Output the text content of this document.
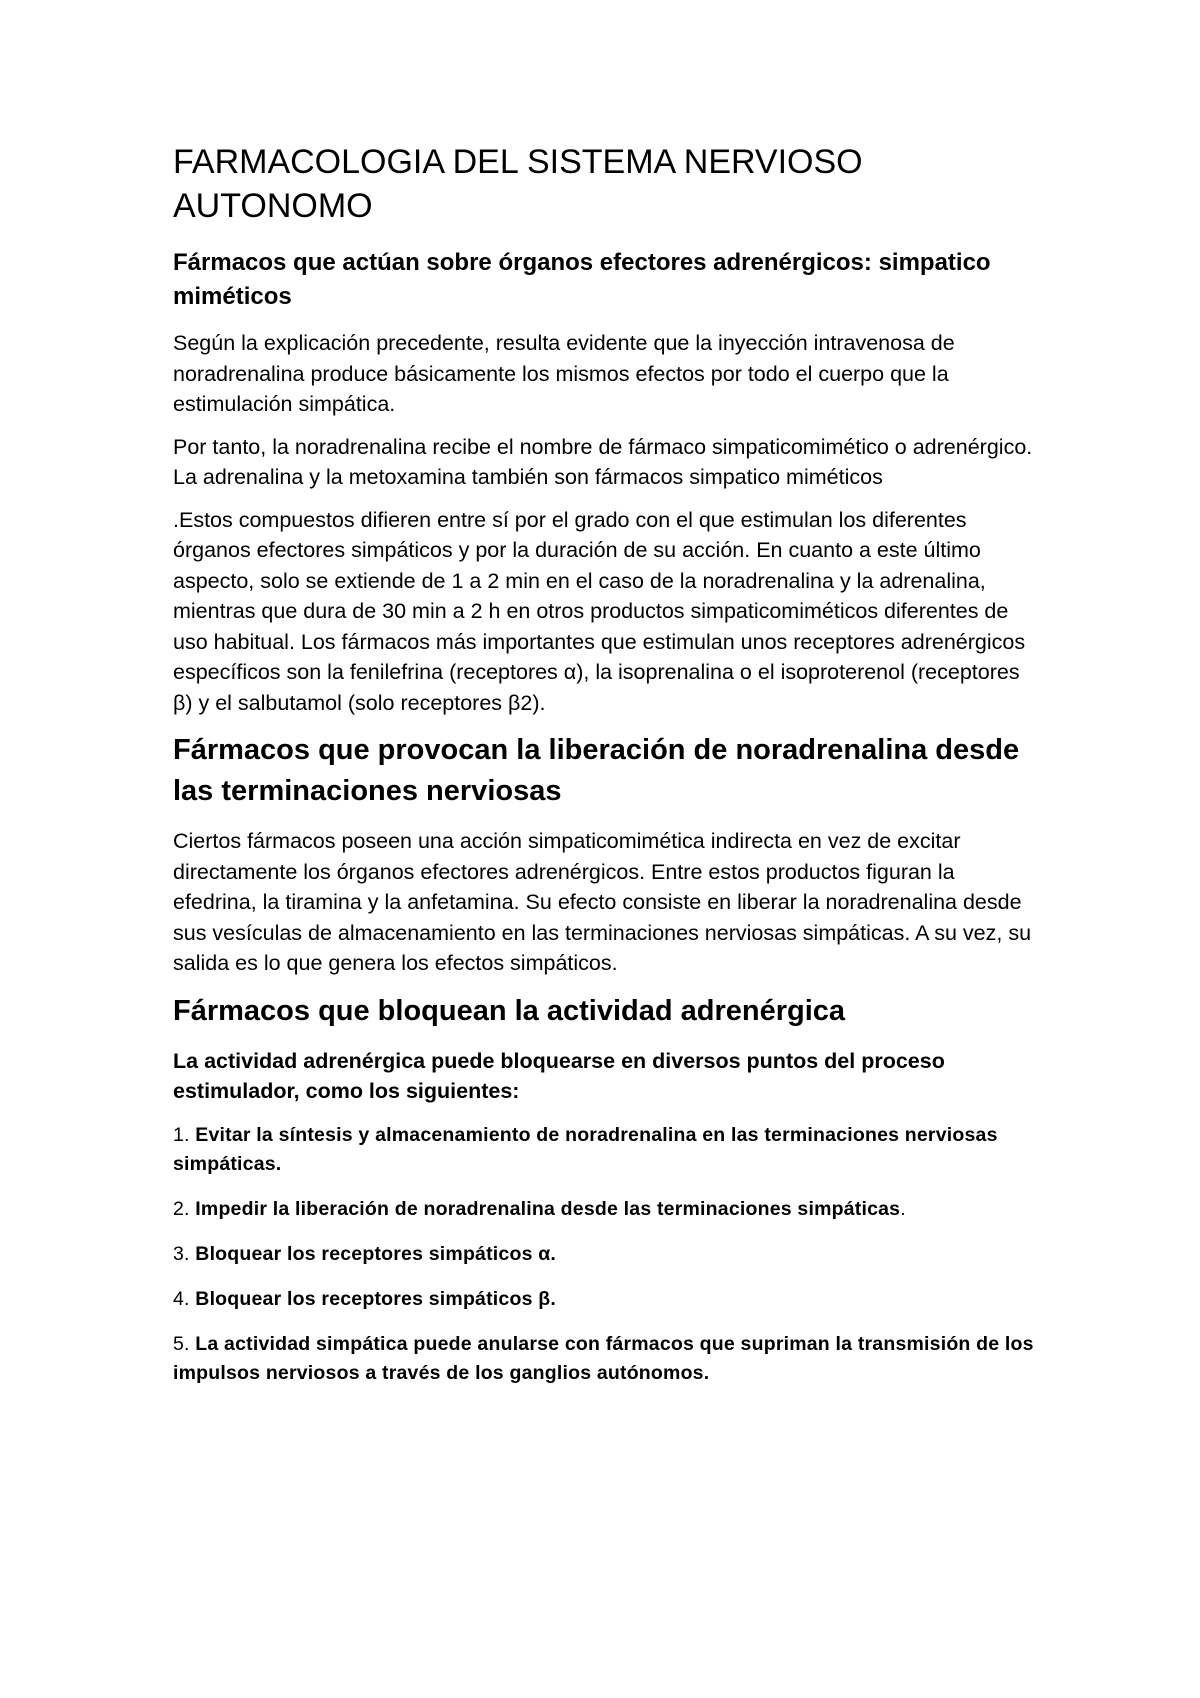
FARMACOLOGIA DEL SISTEMA NERVIOSO AUTONOMO
Fármacos que actúan sobre órganos efectores adrenérgicos: simpatico miméticos

Según la explicación precedente, resulta evidente que la inyección intravenosa de noradrenalina produce básicamente los mismos efectos por todo el cuerpo que la estimulación simpática.

Por tanto, la noradrenalina recibe el nombre de fármaco simpaticomimético o adrenérgico. La adrenalina y la metoxamina también son fármacos simpatico miméticos

.Estos compuestos difieren entre sí por el grado con el que estimulan los diferentes órganos efectores simpáticos y por la duración de su acción. En cuanto a este último aspecto, solo se extiende de 1 a 2 min en el caso de la noradrenalina y la adrenalina, mientras que dura de 30 min a 2 h en otros productos simpaticomiméticos diferentes de uso habitual. Los fármacos más importantes que estimulan unos receptores adrenérgicos específicos son la fenilefrina (receptores α), la isoprenalina o el isoproterenol (receptores β) y el salbutamol (solo receptores β2).

Fármacos que provocan la liberación de noradrenalina desde las terminaciones nerviosas

Ciertos fármacos poseen una acción simpaticomimética indirecta en vez de excitar directamente los órganos efectores adrenérgicos. Entre estos productos figuran la efedrina, la tiramina y la anfetamina. Su efecto consiste en liberar la noradrenalina desde sus vesículas de almacenamiento en las terminaciones nerviosas simpáticas. A su vez, su salida es lo que genera los efectos simpáticos.

Fármacos que bloquean la actividad adrenérgica

La actividad adrenérgica puede bloquearse en diversos puntos del proceso estimulador, como los siguientes:

1. Evitar la síntesis y almacenamiento de noradrenalina en las terminaciones nerviosas simpáticas.

2. Impedir la liberación de noradrenalina desde las terminaciones simpáticas.

3. Bloquear los receptores simpáticos α.

4. Bloquear los receptores simpáticos β.

5. La actividad simpática puede anularse con fármacos que supriman la transmisión de los impulsos nerviosos a través de los ganglios autónomos.
